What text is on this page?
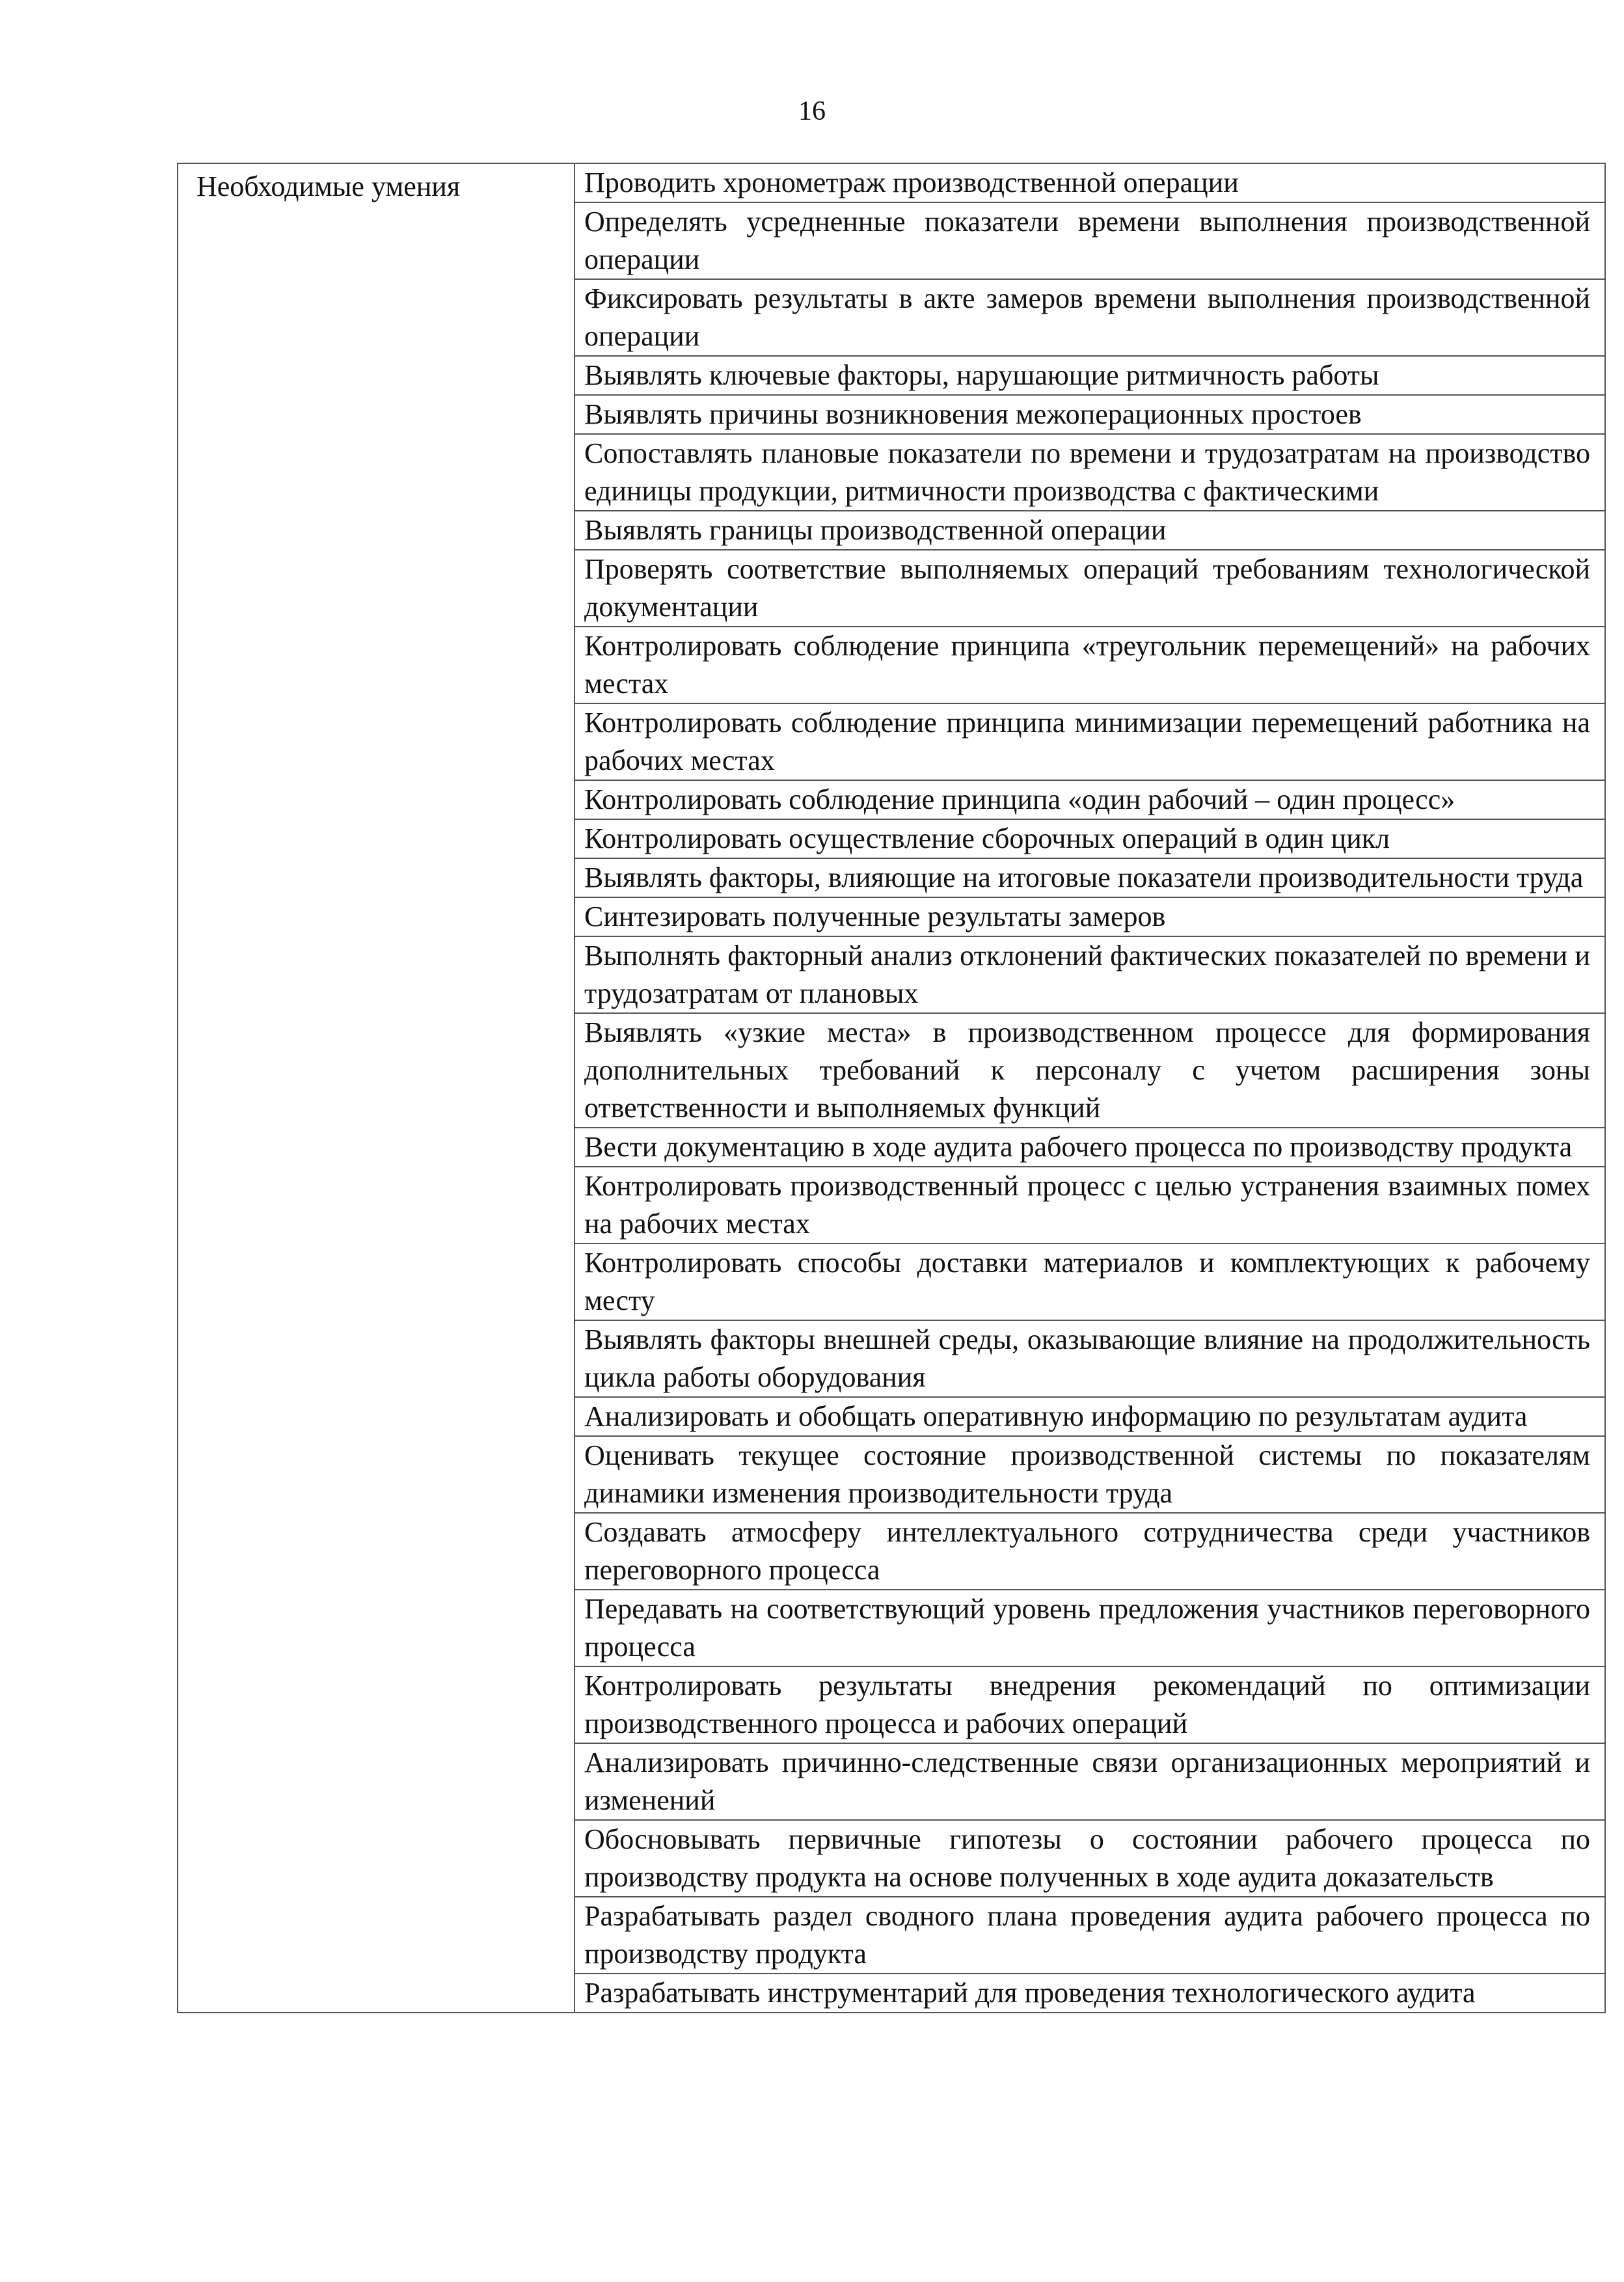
16
Необходимые умения	Проводить хронометраж производственной операции
Определять усредненные показатели времени выполнения производственной операции
Фиксировать результаты в акте замеров времени выполнения производственной операции
Выявлять ключевые факторы, нарушающие ритмичность работы
Выявлять причины возникновения межоперационных простоев
Сопоставлять плановые показатели по времени и трудозатратам на производство единицы продукции, ритмичности производства с фактическими
Выявлять границы производственной операции
Проверять соответствие выполняемых операций требованиям технологической документации
Контролировать соблюдение принципа «треугольник перемещений» на рабочих местах
Контролировать соблюдение принципа минимизации перемещений работника на рабочих местах
Контролировать соблюдение принципа «один рабочий – один процесс»
Контролировать осуществление сборочных операций в один цикл
Выявлять факторы, влияющие на итоговые показатели производительности труда
Синтезировать полученные результаты замеров
Выполнять факторный анализ отклонений фактических показателей по времени и трудозатратам от плановых
Выявлять «узкие места» в производственном процессе для формирования дополнительных требований к персоналу с учетом расширения зоны ответственности и выполняемых функций
Вести документацию в ходе аудита рабочего процесса по производству продукта
Контролировать производственный процесс с целью устранения взаимных помех на рабочих местах
Контролировать способы доставки материалов и комплектующих к рабочему месту
Выявлять факторы внешней среды, оказывающие влияние на продолжительность цикла работы оборудования
Анализировать и обобщать оперативную информацию по результатам аудита
Оценивать текущее состояние производственной системы по показателям динамики изменения производительности труда
Создавать атмосферу интеллектуального сотрудничества среди участников переговорного процесса
Передавать на соответствующий уровень предложения участников переговорного процесса
Контролировать результаты внедрения рекомендаций по оптимизации производственного процесса и рабочих операций
Анализировать причинно-следственные связи организационных мероприятий и изменений
Обосновывать первичные гипотезы о состоянии рабочего процесса по производству продукта на основе полученных в ходе аудита доказательств
Разрабатывать раздел сводного плана проведения аудита рабочего процесса по производству продукта
Разрабатывать инструментарий для проведения технологического аудита
